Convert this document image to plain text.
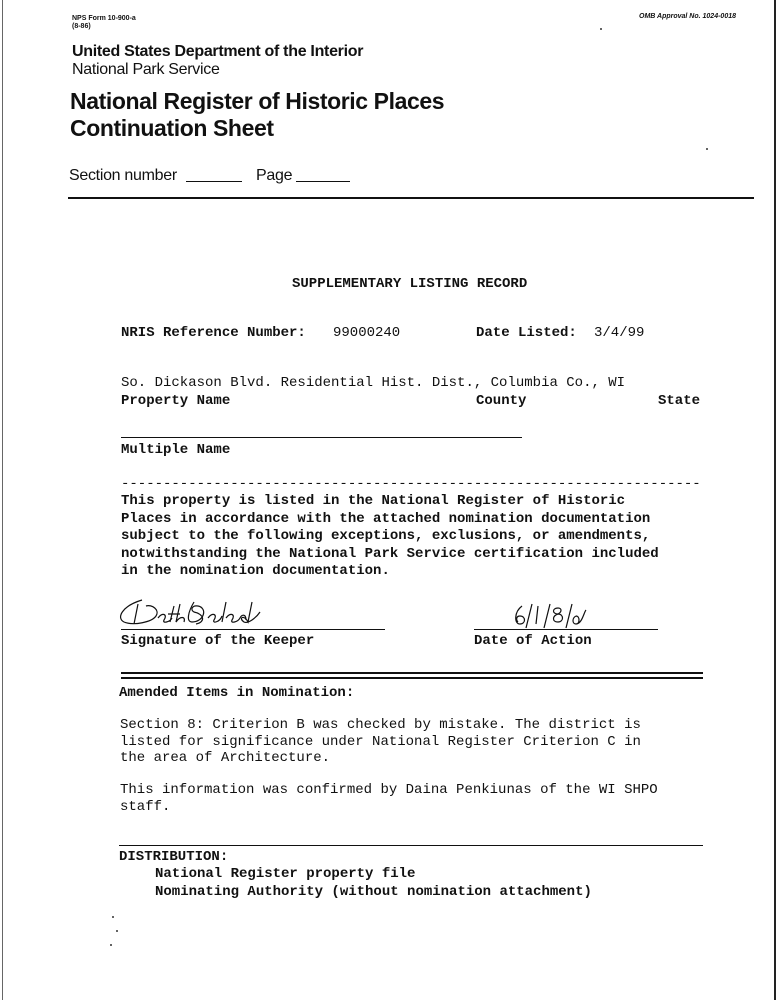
NPS Form 10-900-a
(8-86)
OMB Approval No. 1024-0018
United States Department of the Interior
National Park Service
National Register of Historic Places
Continuation Sheet
Section number	Page
SUPPLEMENTARY LISTING RECORD
NRIS Reference Number: 99000240	Date Listed: 3/4/99
So. Dickason Blvd. Residential Hist. Dist., Columbia Co., WI
Property Name	County	State
Multiple Name
---------------------------------------------------------------------
This property is listed in the National Register of Historic
Places in accordance with the attached nomination documentation
subject to the following exceptions, exclusions, or amendments,
notwithstanding the National Park Service certification included
in the nomination documentation.
Signature of the Keeper	Date of Action
Amended Items in Nomination:
Section 8: Criterion B was checked by mistake. The district is
listed for significance under National Register Criterion C in
the area of Architecture.
This information was confirmed by Daina Penkiunas of the WI SHPO
staff.
DISTRIBUTION:
National Register property file
Nominating Authority (without nomination attachment)
